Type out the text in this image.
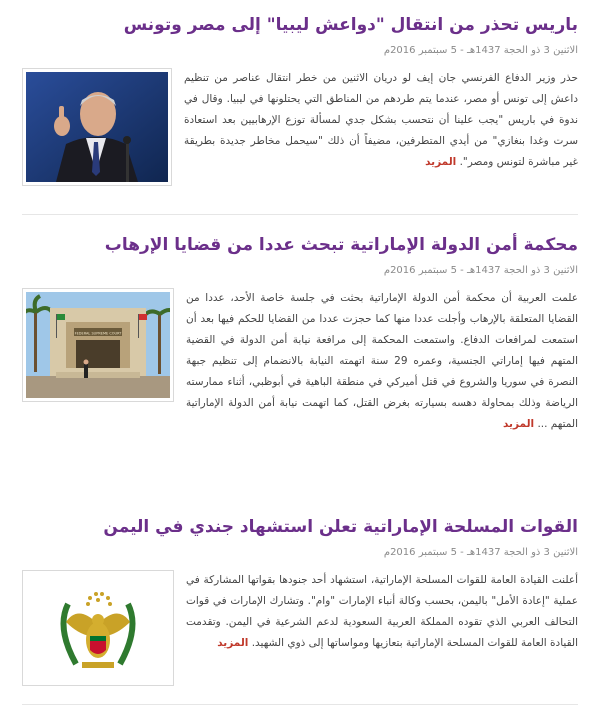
باريس تحذر من انتقال "دواعش ليبيا" إلى مصر وتونس
الاثنين 3 ذو الحجة 1437هـ - 5 سبتمبر 2016م

حذر وزير الدفاع الفرنسي جان إيف لو دريان الاثنين من خطر انتقال عناصر من تنظيم داعش إلى تونس أو مصر، عندما يتم طردهم من المناطق التي يحتلونها في ليبيا. وقال في ندوة في باريس "يجب علينا أن نتحسب بشكل جدي لمسألة توزع الإرهابيين بعد استعادة سرت وغدا بنغازي" من أيدي المتطرفين، مضيفاً أن ذلك "سيحمل مخاطر جديدة بطريقة غير مباشرة لتونس ومصر". المزيد

محكمة أمن الدولة الإماراتية تبحث عددا من قضايا الإرهاب
الاثنين 3 ذو الحجة 1437هـ - 5 سبتمبر 2016م
FEDERAL SUPREME COURT

علمت العربية أن محكمة أمن الدولة الإماراتية بحثت في جلسة خاصة الأحد، عددا من القضايا المتعلقة بالإرهاب وأجلت عددا منها كما حجزت عددا من القضايا للحكم فيها بعد أن استمعت لمرافعات الدفاع. واستمعت المحكمة إلى مرافعة نيابة أمن الدولة في القضية المتهم فيها إماراتي الجنسية، وعمره 29 سنة اتهمته النيابة بالانضمام إلى تنظيم جبهة النصرة في سوريا والشروع في قتل أميركي في منطقة الباهية في أبوظبي، أثناء ممارسته الرياضة وذلك بمحاولة دهسه بسيارته بغرض القتل، كما اتهمت نيابة أمن الدولة الإماراتية المتهم ... المزيد

القوات المسلحة الإماراتية تعلن استشهاد جندي في اليمن
الاثنين 3 ذو الحجة 1437هـ - 5 سبتمبر 2016م

أعلنت القيادة العامة للقوات المسلحة الإماراتية، استشهاد أحد جنودها بقواتها المشاركة في عملية "إعادة الأمل" باليمن، بحسب وكالة أنباء الإمارات "وام". وتشارك الإمارات في قوات التحالف العربي الذي تقوده المملكة العربية السعودية لدعم الشرعية في اليمن. وتقدمت القيادة العامة للقوات المسلحة الإماراتية بتعازيها ومواساتها إلى ذوي الشهيد. المزيد
